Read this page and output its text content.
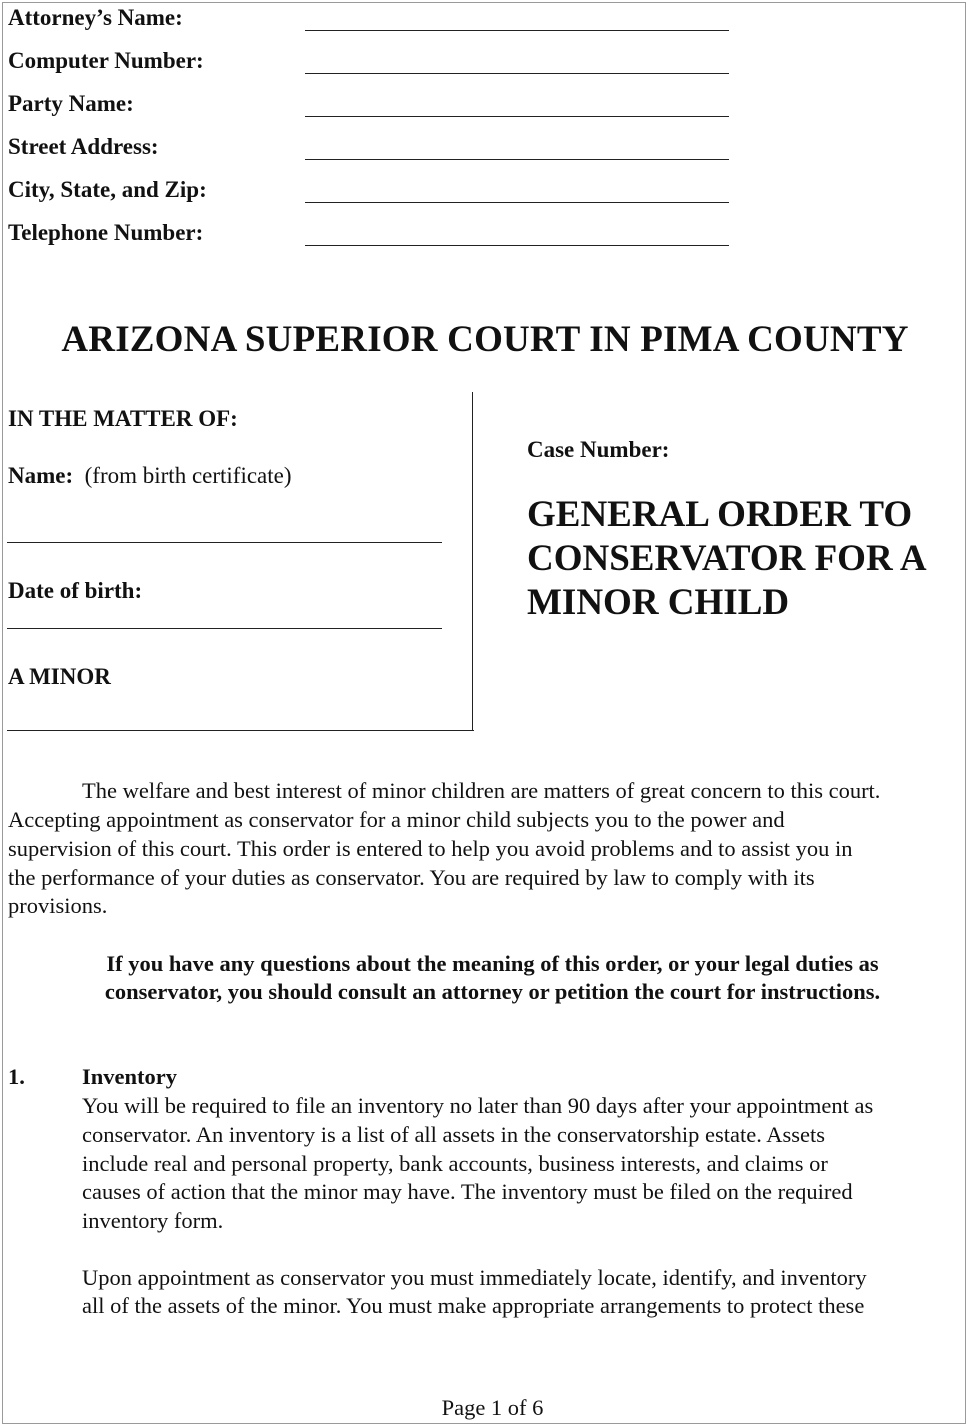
Attorney’s Name:
Computer Number:
Party Name:
Street Address:
City, State, and Zip:
Telephone Number:
ARIZONA SUPERIOR COURT IN PIMA COUNTY
IN THE MATTER OF:
Name: (from birth certificate)
Date of birth:
A MINOR
Case Number:
GENERAL ORDER TO
CONSERVATOR FOR A
MINOR CHILD
The welfare and best interest of minor children are matters of great concern to this court.
Accepting appointment as conservator for a minor child subjects you to the power and
supervision of this court. This order is entered to help you avoid problems and to assist you in
the performance of your duties as conservator. You are required by law to comply with its
provisions.
If you have any questions about the meaning of this order, or your legal duties as
conservator, you should consult an attorney or petition the court for instructions.
1.	Inventory
You will be required to file an inventory no later than 90 days after your appointment as
conservator. An inventory is a list of all assets in the conservatorship estate. Assets
include real and personal property, bank accounts, business interests, and claims or
causes of action that the minor may have. The inventory must be filed on the required
inventory form.
Upon appointment as conservator you must immediately locate, identify, and inventory
all of the assets of the minor. You must make appropriate arrangements to protect these
Page 1 of 6
